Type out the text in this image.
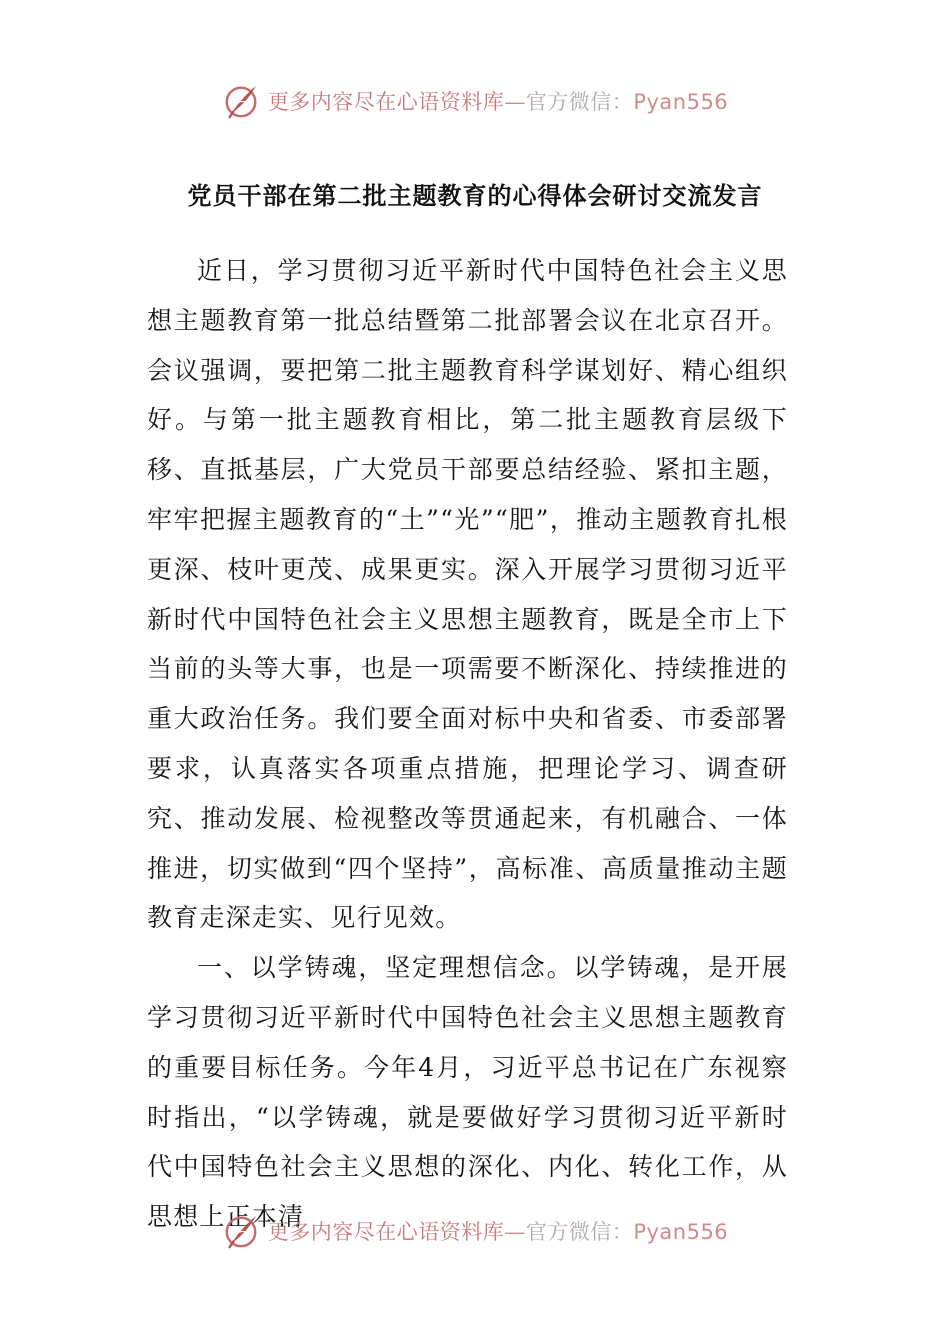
更多内容尽在心语资料库—官方微信：Pyan556
党员干部在第二批主题教育的心得体会研讨交流发言

近日，学习贯彻习近平新时代中国特色社会主义思想主题教育第一批总结暨第二批部署会议在北京召开。会议强调，要把第二批主题教育科学谋划好、精心组织好。与第一批主题教育相比，第二批主题教育层级下移、直抵基层，广大党员干部要总结经验、紧扣主题，牢牢把握主题教育的“土”“光”“肥”，推动主题教育扎根更深、枝叶更茂、成果更实。深入开展学习贯彻习近平新时代中国特色社会主义思想主题教育，既是全市上下当前的头等大事，也是一项需要不断深化、持续推进的重大政治任务。我们要全面对标中央和省委、市委部署要求，认真落实各项重点措施，把理论学习、调查研究、推动发展、检视整改等贯通起来，有机融合、一体推进，切实做到“四个坚持”，高标准、高质量推动主题教育走深走实、见行见效。

一、以学铸魂，坚定理想信念。以学铸魂，是开展学习贯彻习近平新时代中国特色社会主义思想主题教育的重要目标任务。今年4月，习近平总书记在广东视察时指出，“以学铸魂，就是要做好学习贯彻习近平新时代中国特色社会主义思想的深化、内化、转化工作，从思想上正本清

更多内容尽在心语资料库—官方微信：Pyan556
